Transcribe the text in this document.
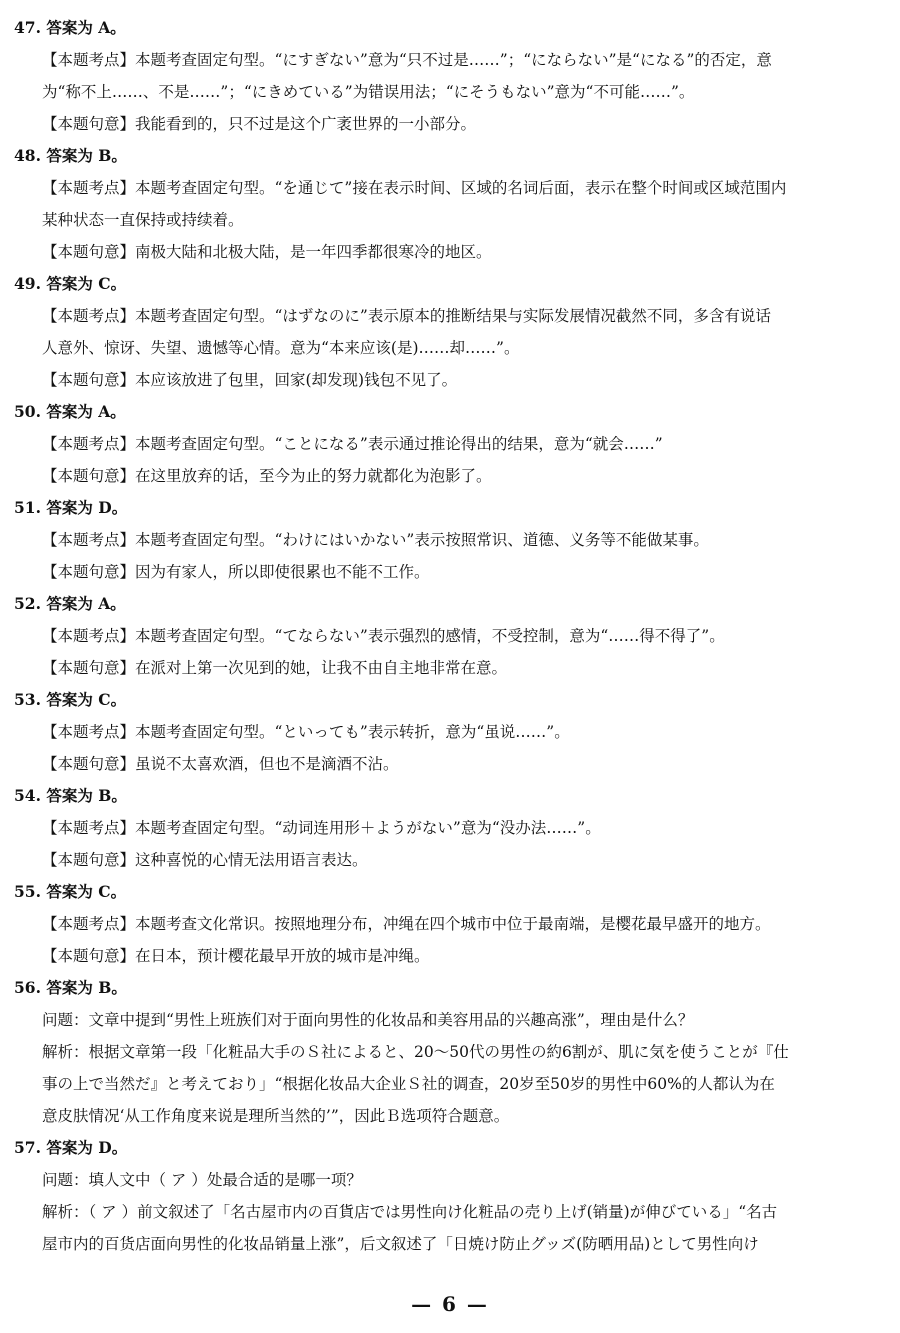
47. 答案为 A。
【本题考点】本题考查固定句型。“にすぎない”意为“只不过是……”；“にならない”是“になる”的否定，意
为“称不上……、不是……”；“にきめている”为错误用法；“にそうもない”意为“不可能……”。
【本题句意】我能看到的，只不过是这个广袤世界的一小部分。
48. 答案为 B。
【本题考点】本题考查固定句型。“を通じて”接在表示时间、区域的名词后面，表示在整个时间或区域范围内
某种状态一直保持或持续着。
【本题句意】南极大陆和北极大陆，是一年四季都很寒冷的地区。
49. 答案为 C。
【本题考点】本题考查固定句型。“はずなのに”表示原本的推断结果与实际发展情况截然不同，多含有说话
人意外、惊讶、失望、遗憾等心情。意为“本来应该(是)……却……”。
【本题句意】本应该放进了包里，回家(却发现)钱包不见了。
50. 答案为 A。
【本题考点】本题考查固定句型。“ことになる”表示通过推论得出的结果，意为“就会……”
【本题句意】在这里放弃的话，至今为止的努力就都化为泡影了。
51. 答案为 D。
【本题考点】本题考查固定句型。“わけにはいかない”表示按照常识、道德、义务等不能做某事。
【本题句意】因为有家人，所以即使很累也不能不工作。
52. 答案为 A。
【本题考点】本题考查固定句型。“てならない”表示强烈的感情，不受控制，意为“……得不得了”。
【本题句意】在派对上第一次见到的她，让我不由自主地非常在意。
53. 答案为 C。
【本题考点】本题考查固定句型。“といっても”表示转折，意为“虽说……”。
【本题句意】虽说不太喜欢酒，但也不是滴酒不沾。
54. 答案为 B。
【本题考点】本题考查固定句型。“动词连用形＋ようがない”意为“没办法……”。
【本题句意】这种喜悦的心情无法用语言表达。
55. 答案为 C。
【本题考点】本题考查文化常识。按照地理分布，冲绳在四个城市中位于最南端，是樱花最早盛开的地方。
【本题句意】在日本，预计樱花最早开放的城市是冲绳。
56. 答案为 B。
问题：文章中提到“男性上班族们对于面向男性的化妆品和美容用品的兴趣高涨”，理由是什么？
解析：根据文章第一段「化粧品大手のＳ社によると、20～50代の男性の約6割が、肌に気を使うことが『仕
事の上で当然だ』と考えており」“根据化妆品大企业Ｓ社的调查，20岁至50岁的男性中60%的人都认为在
意皮肤情况‘从工作角度来说是理所当然的’”，因此Ｂ选项符合题意。
57. 答案为 D。
问题：填人文中（ ア ）处最合适的是哪一项？
解析：（ ア ）前文叙述了「名古屋市内の百貨店では男性向け化粧品の売り上げ(销量)が伸びている」“名古
屋市内的百货店面向男性的化妆品销量上涨”，后文叙述了「日焼け防止グッズ(防晒用品)として男性向け
— 6 —
